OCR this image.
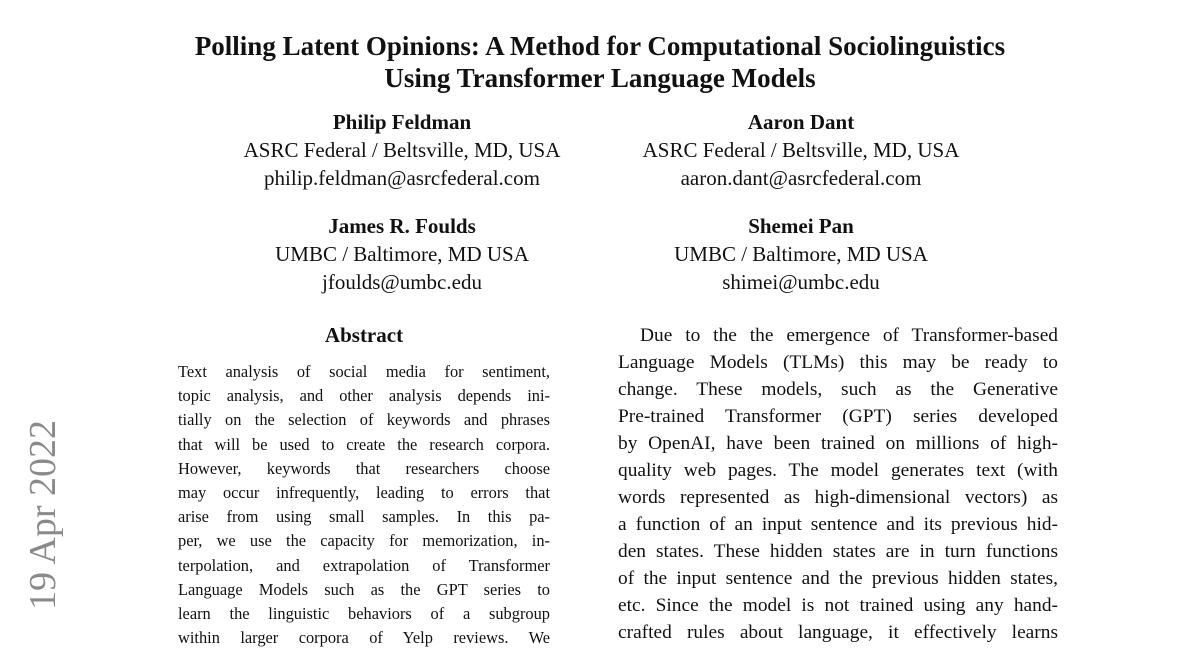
Polling Latent Opinions: A Method for Computational Sociolinguistics
Using Transformer Language Models
Philip Feldman
ASRC Federal / Beltsville, MD, USA
philip.feldman@asrcfederal.com
Aaron Dant
ASRC Federal / Beltsville, MD, USA
aaron.dant@asrcfederal.com
James R. Foulds
UMBC / Baltimore, MD USA
jfoulds@umbc.edu
Shemei Pan
UMBC / Baltimore, MD USA
shimei@umbc.edu
Abstract
Text analysis of social media for sentiment,
topic analysis, and other analysis depends ini-
tially on the selection of keywords and phrases
that will be used to create the research corpora.
However, keywords that researchers choose
may occur infrequently, leading to errors that
arise from using small samples. In this pa-
per, we use the capacity for memorization, in-
terpolation, and extrapolation of Transformer
Language Models such as the GPT series to
learn the linguistic behaviors of a subgroup
within larger corpora of Yelp reviews. We
Due to the the emergence of Transformer-based
Language Models (TLMs) this may be ready to
change. These models, such as the Generative
Pre-trained Transformer (GPT) series developed
by OpenAI, have been trained on millions of high-
quality web pages. The model generates text (with
words represented as high-dimensional vectors) as
a function of an input sentence and its previous hid-
den states. These hidden states are in turn functions
of the input sentence and the previous hidden states,
etc. Since the model is not trained using any hand-
crafted rules about language, it effectively learns
19 Apr 2022
